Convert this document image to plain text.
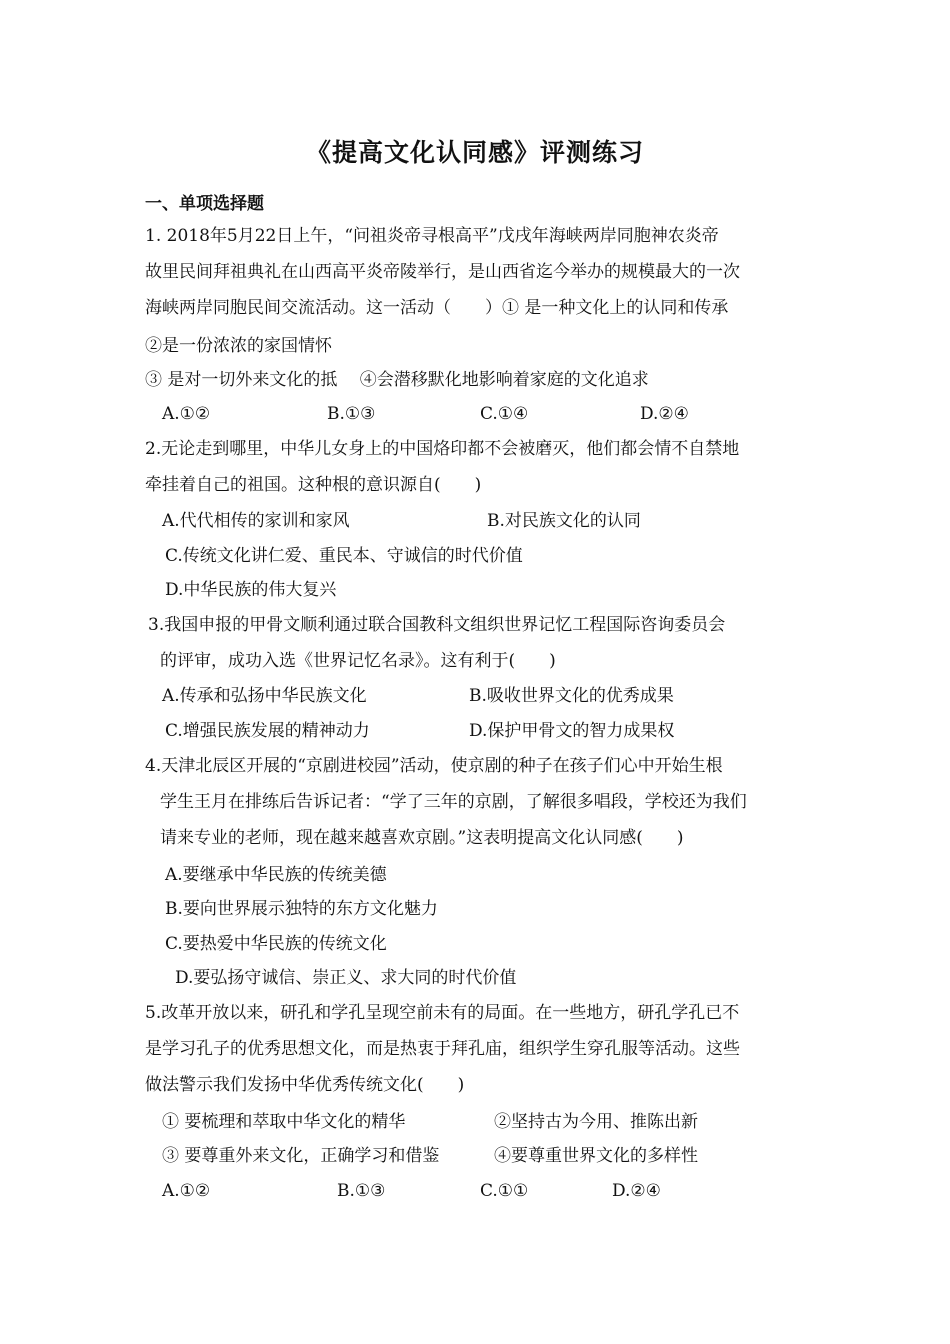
《提高文化认同感》评测练习
一、单项选择题
1. 2018年5月22日上午，“问祖炎帝寻根高平”戊戌年海峡两岸同胞神农炎帝
故里民间拜祖典礼在山西高平炎帝陵举行，是山西省迄今举办的规模最大的一次
海峡两岸同胞民间交流活动。这一活动（　　）① 是一种文化上的认同和传承
②是一份浓浓的家国情怀
③ 是对一切外来文化的抵　 ④会潜移默化地影响着家庭的文化追求
A.①②	B.①③	C.①④	D.②④
2.无论走到哪里，中华儿女身上的中国烙印都不会被磨灭，他们都会情不自禁地
牵挂着自己的祖国。这种根的意识源自(　　)
A.代代相传的家训和家风	B.对民族文化的认同
C.传统文化讲仁爱、重民本、守诚信的时代价值
D.中华民族的伟大复兴
3.我国申报的甲骨文顺利通过联合国教科文组织世界记忆工程国际咨询委员会
的评审，成功入选《世界记忆名录》。这有利于(　　)
A.传承和弘扬中华民族文化	B.吸收世界文化的优秀成果
C.增强民族发展的精神动力	D.保护甲骨文的智力成果权
4.天津北辰区开展的“京剧进校园”活动，使京剧的种子在孩子们心中开始生根
学生王月在排练后告诉记者：“学了三年的京剧，了解很多唱段，学校还为我们
请来专业的老师，现在越来越喜欢京剧。”这表明提高文化认同感(　　)
A.要继承中华民族的传统美德
B.要向世界展示独特的东方文化魅力
C.要热爱中华民族的传统文化
D.要弘扬守诚信、崇正义、求大同的时代价值
5.改革开放以来，研孔和学孔呈现空前未有的局面。在一些地方，研孔学孔已不
是学习孔子的优秀思想文化，而是热衷于拜孔庙，组织学生穿孔服等活动。这些
做法警示我们发扬中华优秀传统文化(　　)
① 要梳理和萃取中华文化的精华	②坚持古为今用、推陈出新
③ 要尊重外来文化，正确学习和借鉴	④要尊重世界文化的多样性
A.①②	B.①③	C.①①	D.②④
